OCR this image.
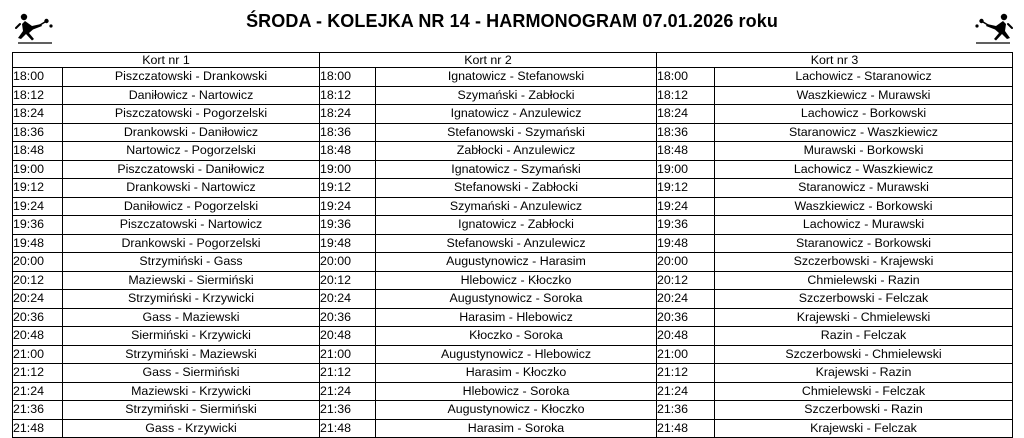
ŚRODA - KOLEJKA NR 14 - HARMONOGRAM 07.01.2026 roku
Kort nr 1		Kort nr 2		Kort nr 3	
18:00	Piszczatowski - Drankowski	18:00	Ignatowicz - Stefanowski	18:00	Lachowicz - Staranowicz
18:12	Daniłowicz - Nartowicz	18:12	Szymański - Zabłocki	18:12	Waszkiewicz - Murawski
18:24	Piszczatowski - Pogorzelski	18:24	Ignatowicz - Anzulewicz	18:24	Lachowicz - Borkowski
18:36	Drankowski - Daniłowicz	18:36	Stefanowski - Szymański	18:36	Staranowicz - Waszkiewicz
18:48	Nartowicz - Pogorzelski	18:48	Zabłocki - Anzulewicz	18:48	Murawski - Borkowski
19:00	Piszczatowski - Daniłowicz	19:00	Ignatowicz - Szymański	19:00	Lachowicz - Waszkiewicz
19:12	Drankowski - Nartowicz	19:12	Stefanowski - Zabłocki	19:12	Staranowicz - Murawski
19:24	Daniłowicz - Pogorzelski	19:24	Szymański - Anzulewicz	19:24	Waszkiewicz - Borkowski
19:36	Piszczatowski - Nartowicz	19:36	Ignatowicz - Zabłocki	19:36	Lachowicz - Murawski
19:48	Drankowski - Pogorzelski	19:48	Stefanowski - Anzulewicz	19:48	Staranowicz - Borkowski
20:00	Strzymiński - Gass	20:00	Augustynowicz - Harasim	20:00	Szczerbowski - Krajewski
20:12	Maziewski - Siermiński	20:12	Hlebowicz - Kłoczko	20:12	Chmielewski - Razin
20:24	Strzymiński - Krzywicki	20:24	Augustynowicz - Soroka	20:24	Szczerbowski - Felczak
20:36	Gass - Maziewski	20:36	Harasim - Hlebowicz	20:36	Krajewski - Chmielewski
20:48	Siermiński - Krzywicki	20:48	Kłoczko - Soroka	20:48	Razin - Felczak
21:00	Strzymiński - Maziewski	21:00	Augustynowicz - Hlebowicz	21:00	Szczerbowski - Chmielewski
21:12	Gass - Siermiński	21:12	Harasim - Kłoczko	21:12	Krajewski - Razin
21:24	Maziewski - Krzywicki	21:24	Hlebowicz - Soroka	21:24	Chmielewski - Felczak
21:36	Strzymiński - Siermiński	21:36	Augustynowicz - Kłoczko	21:36	Szczerbowski - Razin
21:48	Gass - Krzywicki	21:48	Harasim - Soroka	21:48	Krajewski - Felczak
